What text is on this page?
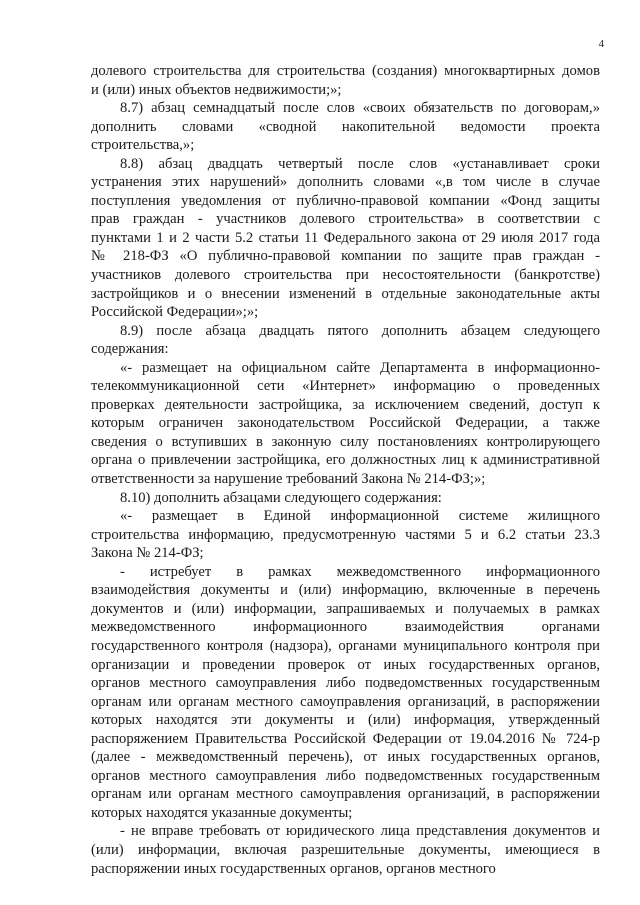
4
долевого строительства для строительства (создания) многоквартирных домов
и (или) иных объектов недвижимости;»;
8.7) абзац семнадцатый после слов «своих обязательств по договорам,»
дополнить словами «сводной накопительной ведомости проекта
строительства,»;
8.8) абзац двадцать четвертый после слов «устанавливает сроки
устранения этих нарушений» дополнить словами «,в том числе в случае
поступления уведомления от публично-правовой компании «Фонд защиты
прав граждан - участников долевого строительства» в соответствии с
пунктами 1 и 2 части 5.2 статьи 11 Федерального закона от 29 июля 2017 года
№ 218-ФЗ «О публично-правовой компании по защите прав граждан -
участников долевого строительства при несостоятельности (банкротстве)
застройщиков и о внесении изменений в отдельные законодательные акты
Российской Федерации»;»;
8.9) после абзаца двадцать пятого дополнить абзацем следующего
содержания:
«- размещает на официальном сайте Департамента в информационно-
телекоммуникационной сети «Интернет» информацию о проведенных
проверках деятельности застройщика, за исключением сведений, доступ к
которым ограничен законодательством Российской Федерации, а также
сведения о вступивших в законную силу постановлениях контролирующего
органа о привлечении застройщика, его должностных лиц к административной
ответственности за нарушение требований Закона № 214-ФЗ;»;
8.10) дополнить абзацами следующего содержания:
«- размещает в Единой информационной системе жилищного
строительства информацию, предусмотренную частями 5 и 6.2 статьи 23.3
Закона № 214-ФЗ;
- истребует в рамках межведомственного информационного
взаимодействия документы и (или) информацию, включенные в перечень
документов и (или) информации, запрашиваемых и получаемых в рамках
межведомственного информационного взаимодействия органами
государственного контроля (надзора), органами муниципального контроля при
организации и проведении проверок от иных государственных органов,
органов местного самоуправления либо подведомственных государственным
органам или органам местного самоуправления организаций, в распоряжении
которых находятся эти документы и (или) информация, утвержденный
распоряжением Правительства Российской Федерации от 19.04.2016 № 724-р
(далее - межведомственный перечень), от иных государственных органов,
органов местного самоуправления либо подведомственных государственным
органам или органам местного самоуправления организаций, в распоряжении
которых находятся указанные документы;
- не вправе требовать от юридического лица представления документов и
(или) информации, включая разрешительные документы, имеющиеся в
распоряжении иных государственных органов, органов местного
